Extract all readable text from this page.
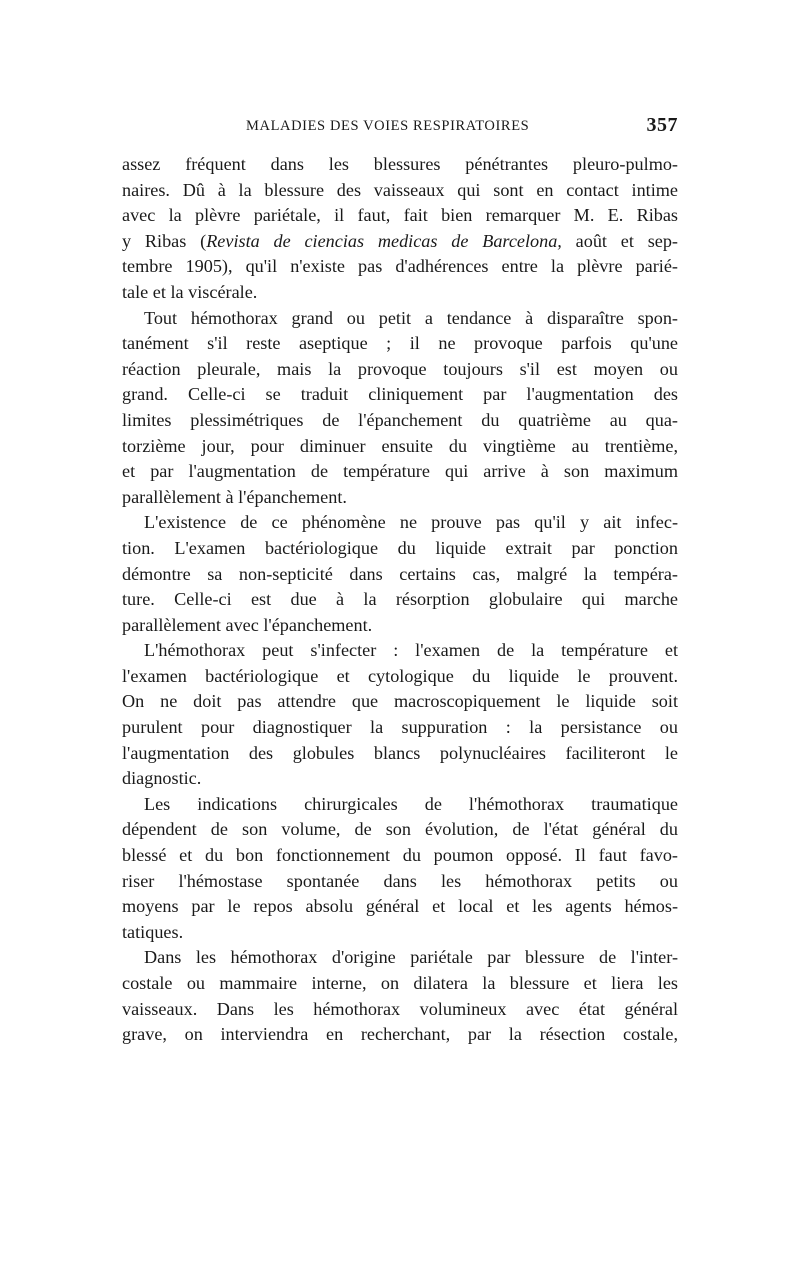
MALADIES DES VOIES RESPIRATOIRES	357

assez fréquent dans les blessures pénétrantes pleuro-pulmo-
naires. Dû à la blessure des vaisseaux qui sont en contact intime
avec la plèvre pariétale, il faut, fait bien remarquer M. E. Ribas
y Ribas (Revista de ciencias medicas de Barcelona, août et sep-
tembre 1905), qu'il n'existe pas d'adhérences entre la plèvre parié-
tale et la viscérale.

Tout hémothorax grand ou petit a tendance à disparaître spon-
tanément s'il reste aseptique ; il ne provoque parfois qu'une
réaction pleurale, mais la provoque toujours s'il est moyen ou
grand. Celle-ci se traduit cliniquement par l'augmentation des
limites plessimétriques de l'épanchement du quatrième au qua-
torzième jour, pour diminuer ensuite du vingtième au trentième,
et par l'augmentation de température qui arrive à son maximum
parallèlement à l'épanchement.

L'existence de ce phénomène ne prouve pas qu'il y ait infec-
tion. L'examen bactériologique du liquide extrait par ponction
démontre sa non-septicité dans certains cas, malgré la tempéra-
ture. Celle-ci est due à la résorption globulaire qui marche
parallèlement avec l'épanchement.

L'hémothorax peut s'infecter : l'examen de la température et
l'examen bactériologique et cytologique du liquide le prouvent.
On ne doit pas attendre que macroscopiquement le liquide soit
purulent pour diagnostiquer la suppuration : la persistance ou
l'augmentation des globules blancs polynucléaires faciliteront le
diagnostic.

Les indications chirurgicales de l'hémothorax traumatique
dépendent de son volume, de son évolution, de l'état général du
blessé et du bon fonctionnement du poumon opposé. Il faut favo-
riser l'hémostase spontanée dans les hémothorax petits ou
moyens par le repos absolu général et local et les agents hémos-
tatiques.

Dans les hémothorax d'origine pariétale par blessure de l'inter-
costale ou mammaire interne, on dilatera la blessure et liera les
vaisseaux. Dans les hémothorax volumineux avec état général
grave, on interviendra en recherchant, par la résection costale,
